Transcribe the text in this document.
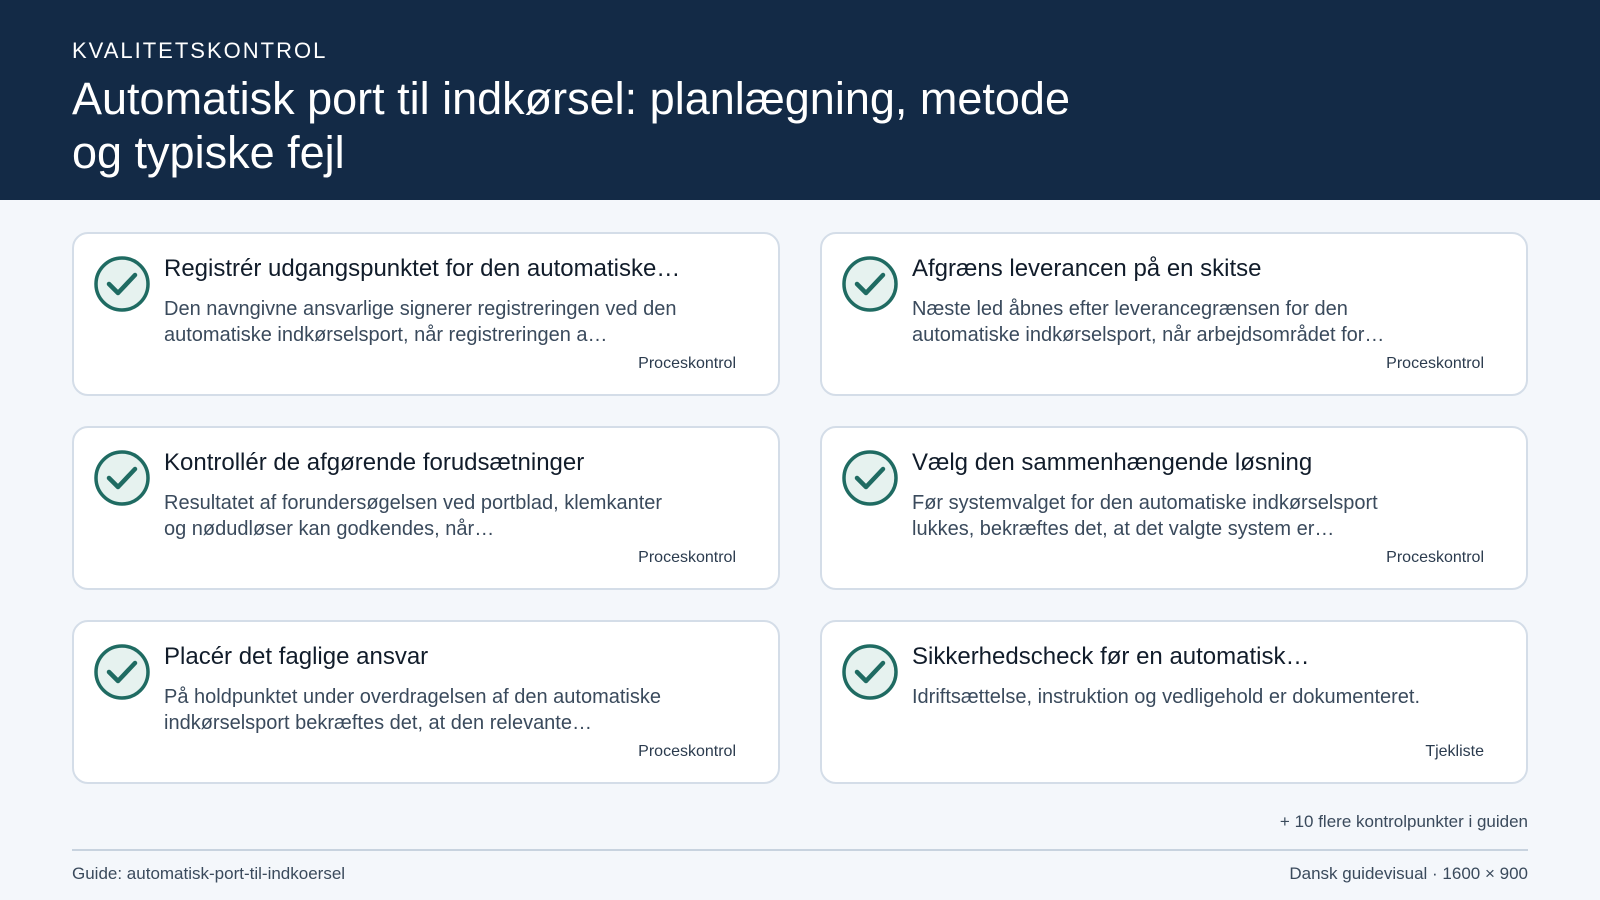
KVALITETSKONTROL

Automatisk port til indkørsel: planlægning, metode og typiske fejl
Registrér udgangspunktet for den automatiske…
Den navngivne ansvarlige signerer registreringen ved den automatiske indkørselsport, når registreringen a…
Proceskontrol
Afgræns leverancen på en skitse
Næste led åbnes efter leverancegrænsen for den automatiske indkørselsport, når arbejdsområdet for…
Proceskontrol
Kontrollér de afgørende forudsætninger
Resultatet af forundersøgelsen ved portblad, klemkanter og nødudløser kan godkendes, når…
Proceskontrol
Vælg den sammenhængende løsning
Før systemvalget for den automatiske indkørselsport lukkes, bekræftes det, at det valgte system er…
Proceskontrol
Placér det faglige ansvar
På holdpunktet under overdragelsen af den automatiske indkørselsport bekræftes det, at den relevante…
Proceskontrol
Sikkerhedscheck før en automatisk…
Idriftsættelse, instruktion og vedligehold er dokumenteret.
Tjekliste
+ 10 flere kontrolpunkter i guiden
Guide: automatisk-port-til-indkoersel	Dansk guidevisual · 1600 × 900
